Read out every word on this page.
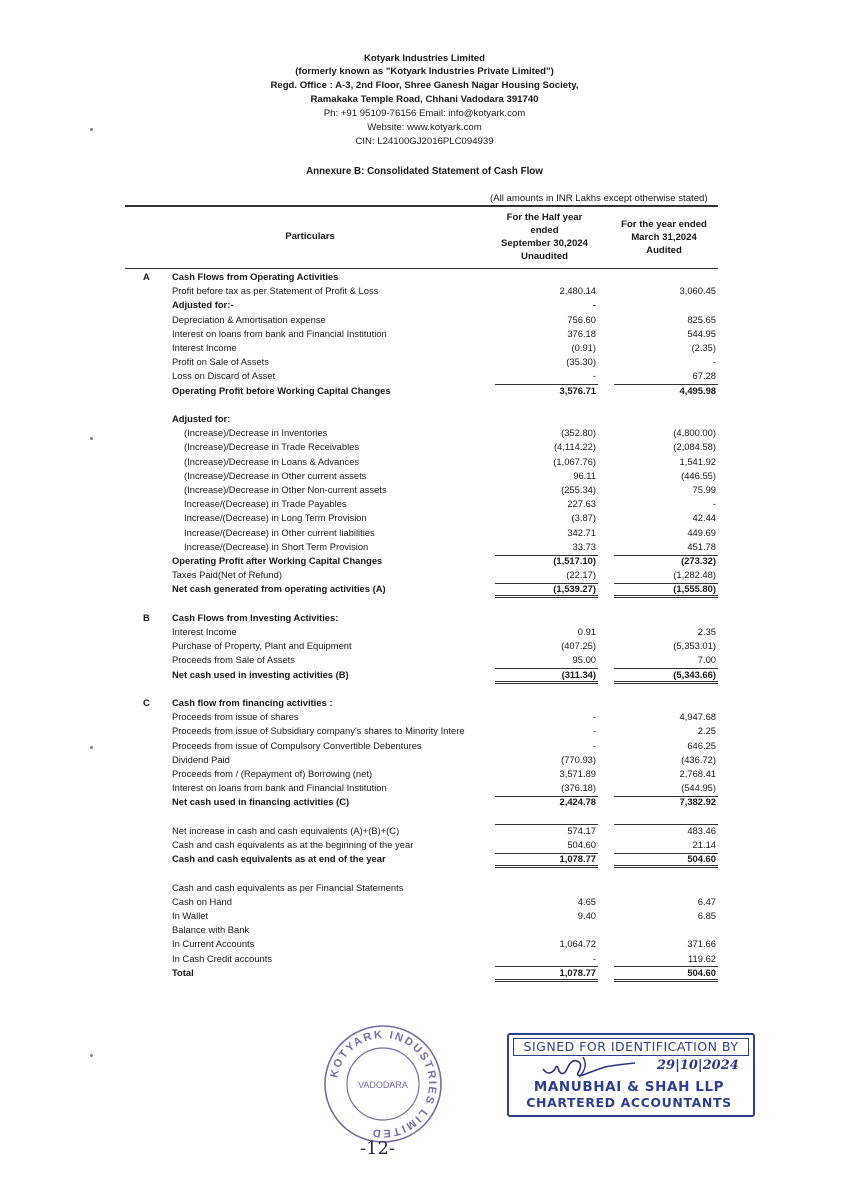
Kotyark Industries Limited
(formerly known as "Kotyark Industries Private Limited")
Regd. Office : A-3, 2nd Floor, Shree Ganesh Nagar Housing Society,
Ramakaka Temple Road, Chhani Vadodara 391740
Ph: +91 95109-76156 Email: info@kotyark.com
Website: www.kotyark.com
CIN: L24100GJ2016PLC094939
Annexure B: Consolidated Statement of Cash Flow
(All amounts in INR Lakhs except otherwise stated)
Particulars
For the Half year
ended
September 30,2024
Unaudited
For the year ended
March 31,2024
Audited
A Cash Flows from Operating Activities
Profit before tax as per Statement of Profit & Loss	2,480.14	3,060.45
Adjusted for:-	-
Depreciation & Amortisation expense	756.60	825.65
Interest on loans from bank and Financial Institution	376.18	544.95
Interest Income	(0.91)	(2.35)
Profit on Sale of Assets	(35.30)	-
Loss on Discard of Asset	-	67.28
Operating Profit before Working Capital Changes	3,576.71	4,495.98
Adjusted for:
(Increase)/Decrease in Inventories	(352.80)	(4,800.00)
(Increase)/Decrease in Trade Receivables	(4,114.22)	(2,084.58)
(Increase)/Decrease in Loans & Advances	(1,067.76)	1,541.92
(Increase)/Decrease in Other current assets	96.11	(446.55)
(Increase)/Decrease in Other Non-current assets	(255.34)	75.99
Increase/(Decrease) in Trade Payables	227.63	-
Increase/(Decrease) in Long Term Provision	(3.87)	42.44
Increase/(Decrease) in Other current liabilities	342.71	449.69
Increase/(Decrease) in Short Term Provision	33.73	451.78
Operating Profit after Working Capital Changes	(1,517.10)	(273.32)
Taxes Paid(Net of Refund)	(22.17)	(1,282.48)
Net cash generated from operating activities (A)	(1,539.27)	(1,555.80)
B Cash Flows from Investing Activities:
Interest Income	0.91	2.35
Purchase of Property, Plant and Equipment	(407.25)	(5,353.01)
Proceeds from Sale of Assets	95.00	7.00
Net cash used in investing activities (B)	(311.34)	(5,343.66)
C Cash flow from financing activities :
Proceeds from issue of shares	-	4,947.68
Proceeds from issue of Subsidiary company's shares to Minority Intere	-	2.25
Proceeds from issue of Compulsory Convertible Debentures	-	646.25
Dividend Paid	(770.93)	(436.72)
Proceeds from / (Repayment of) Borrowing (net)	3,571.89	2,768.41
Interest on loans from bank and Financial Institution	(376.18)	(544.95)
Net cash used in financing activities (C)	2,424.78	7,382.92
Net increase in cash and cash equivalents (A)+(B)+(C)	574.17	483.46
Cash and cash equivalents as at the beginning of the year	504.60	21.14
Cash and cash equivalents as at end of the year	1,078.77	504.60
Cash and cash equivalents as per Financial Statements
Cash on Hand	4.65	6.47
In Wallet	9.40	6.85
Balance with Bank
In Current Accounts	1,064.72	371.66
In Cash Credit accounts	-	119.62
Total	1,078.77	504.60
KOTYARK INDUSTRIES LIMITED
VADODARA
SIGNED FOR IDENTIFICATION BY
29|10|2024
MANUBHAI & SHAH LLP
CHARTERED ACCOUNTANTS
-12-
